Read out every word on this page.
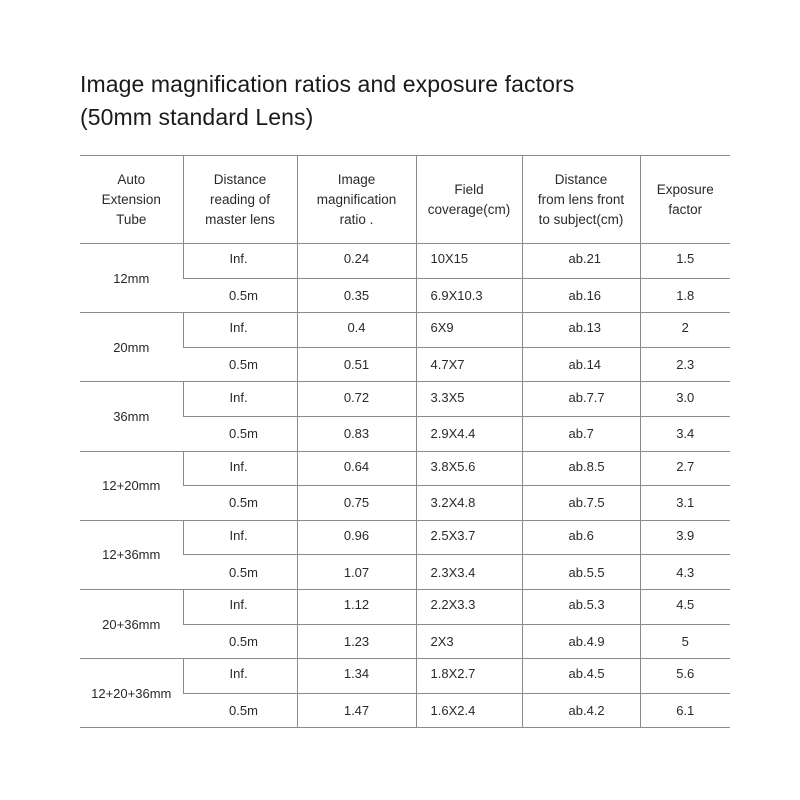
Image magnification ratios and exposure factors
(50mm standard Lens)
Auto
Extension
Tube	Distance
reading of
master lens	Image
magnification
ratio .	Field
coverage(cm)	Distance
from lens front
to subject(cm)	Exposure
factor

12mm	Inf.	0.24	10X15	ab.21	1.5
	0.5m	0.35	6.9X10.3	ab.16	1.8
20mm	Inf.	0.4	6X9	ab.13	2
	0.5m	0.51	4.7X7	ab.14	2.3
36mm	Inf.	0.72	3.3X5	ab.7.7	3.0
	0.5m	0.83	2.9X4.4	ab.7	3.4
12+20mm	Inf.	0.64	3.8X5.6	ab.8.5	2.7
	0.5m	0.75	3.2X4.8	ab.7.5	3.1
12+36mm	Inf.	0.96	2.5X3.7	ab.6	3.9
	0.5m	1.07	2.3X3.4	ab.5.5	4.3
20+36mm	Inf.	1.12	2.2X3.3	ab.5.3	4.5
	0.5m	1.23	2X3	ab.4.9	5
12+20+36mm	Inf.	1.34	1.8X2.7	ab.4.5	5.6
	0.5m	1.47	1.6X2.4	ab.4.2	6.1
